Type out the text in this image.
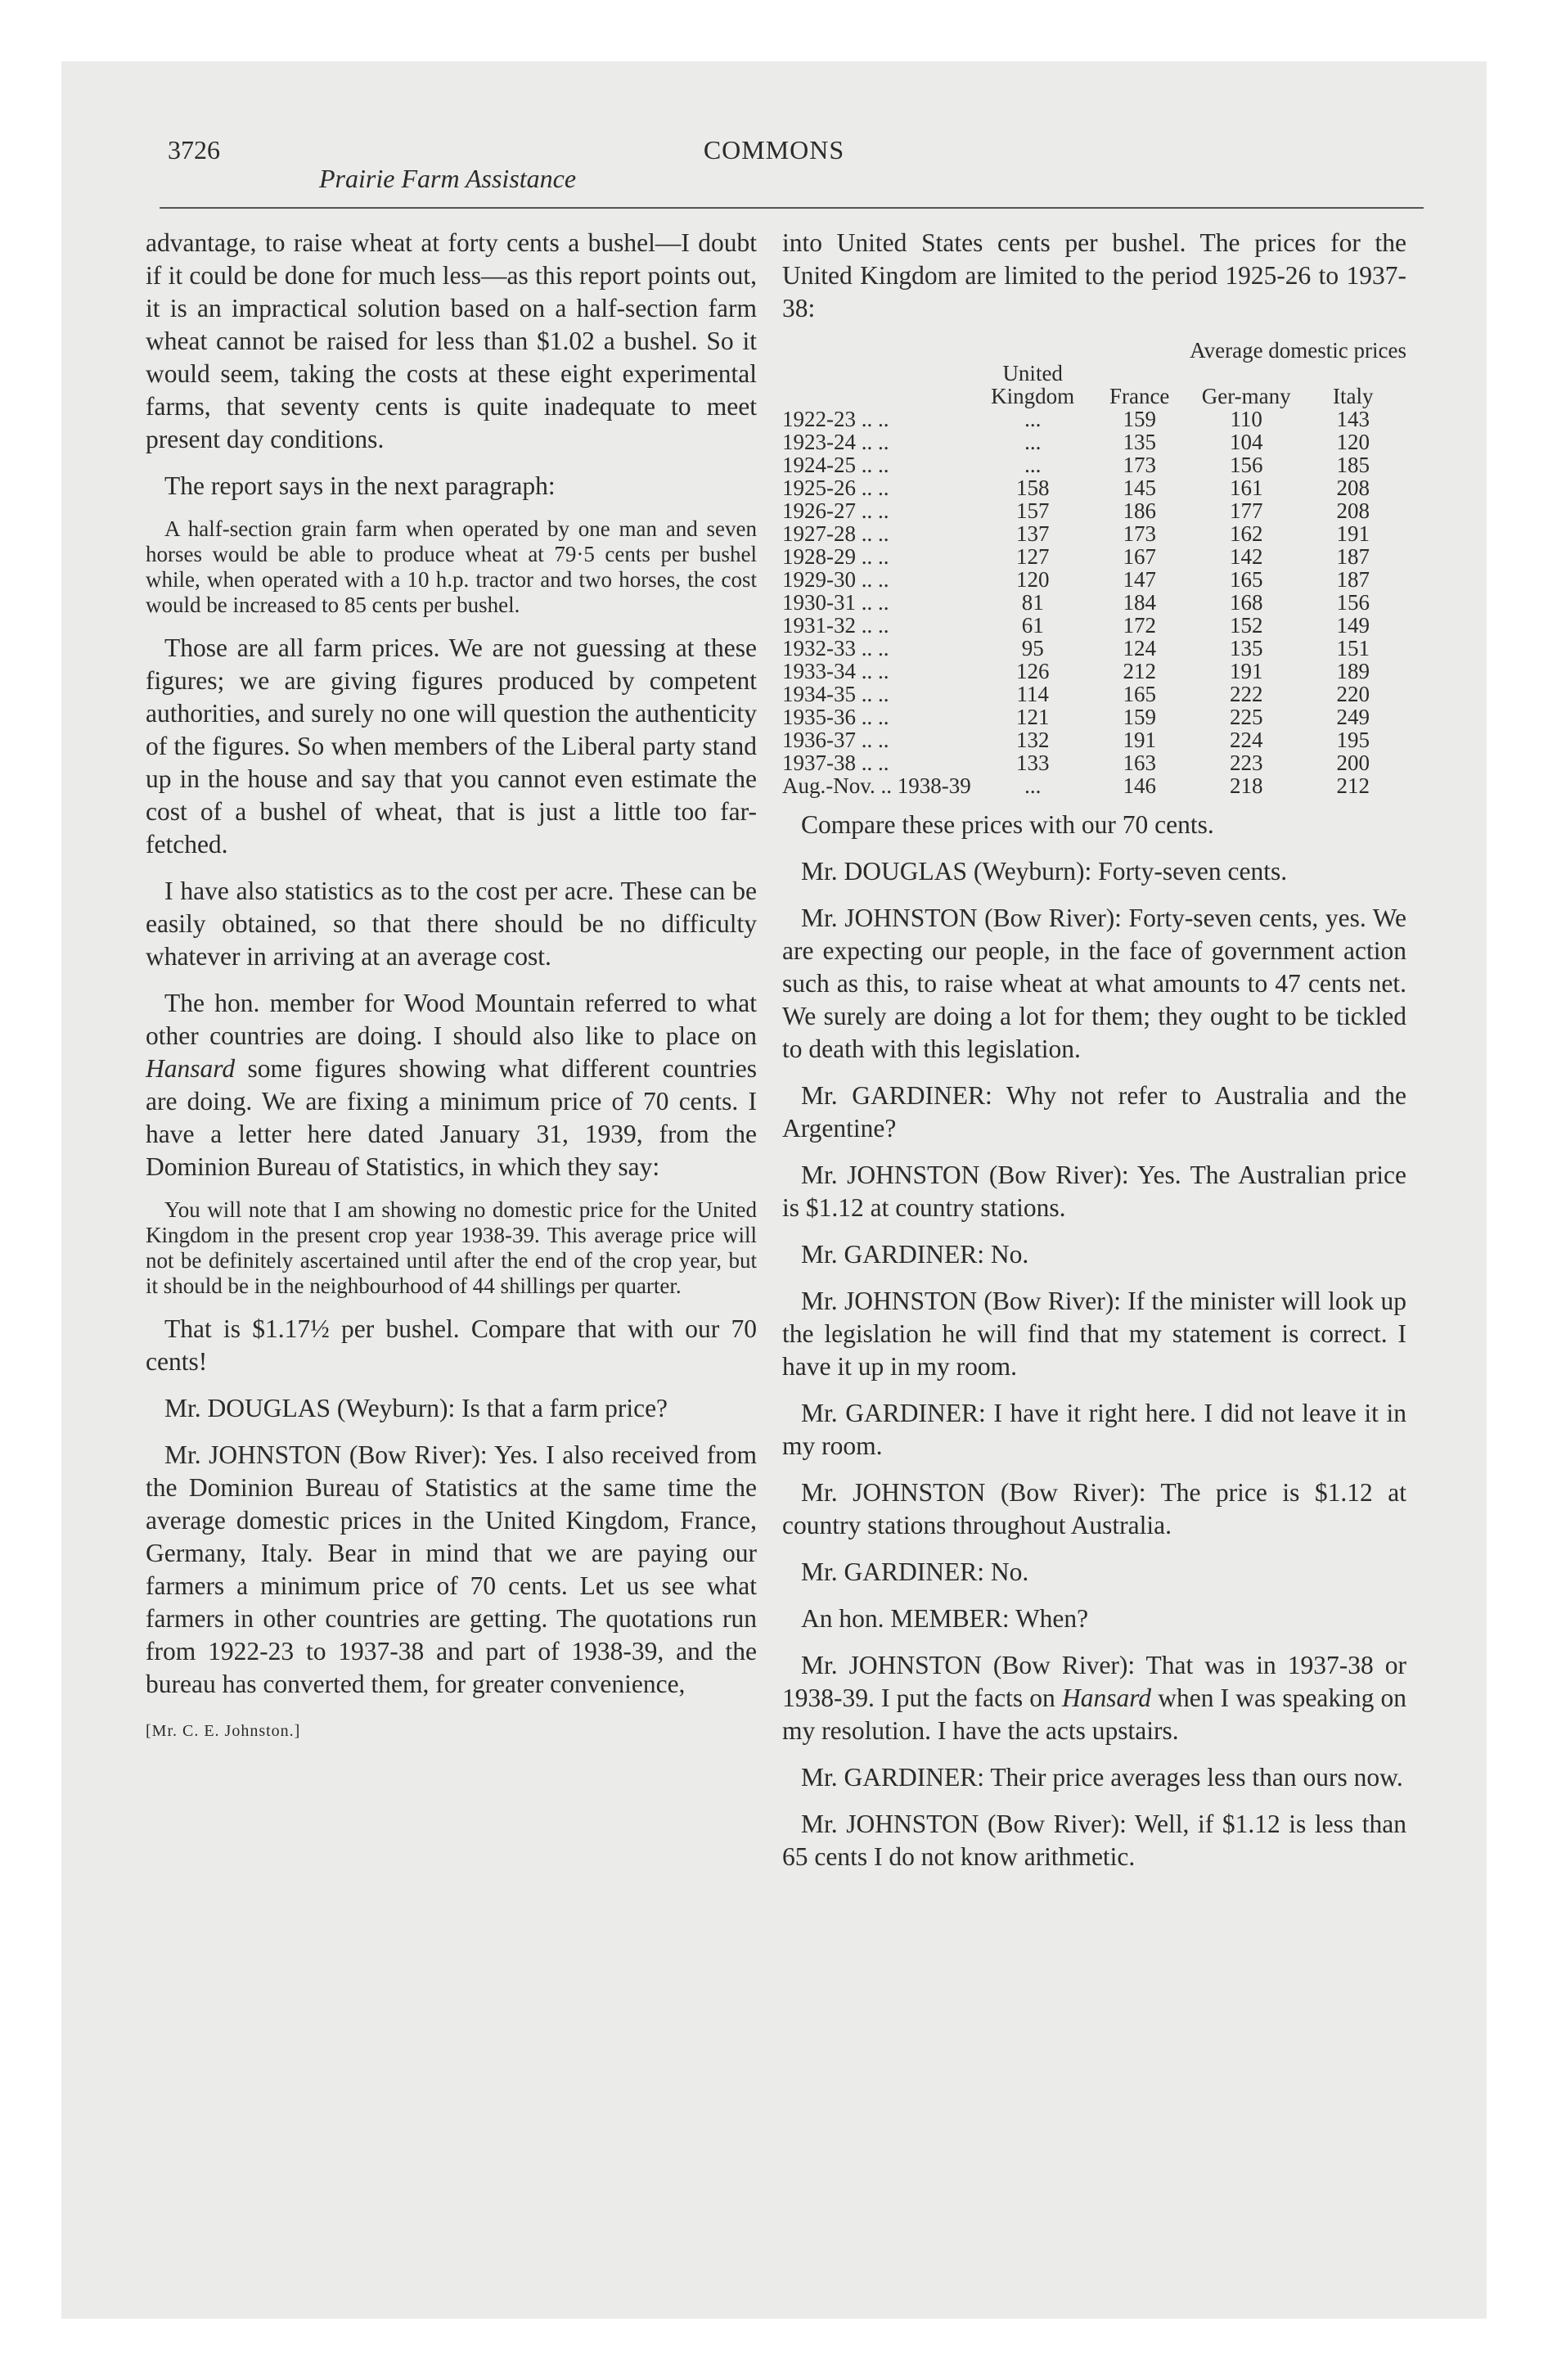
3726	COMMONS
Prairie Farm Assistance

advantage, to raise wheat at forty cents a bushel—I doubt if it could be done for much less—as this report points out, it is an impractical solution based on a half-section farm wheat cannot be raised for less than $1.02 a bushel. So it would seem, taking the costs at these eight experimental farms, that seventy cents is quite inadequate to meet present day conditions.

The report says in the next paragraph:

A half-section grain farm when operated by one man and seven horses would be able to produce wheat at 79·5 cents per bushel while, when operated with a 10 h.p. tractor and two horses, the cost would be increased to 85 cents per bushel.

Those are all farm prices. We are not guessing at these figures; we are giving figures produced by competent authorities, and surely no one will question the authenticity of the figures. So when members of the Liberal party stand up in the house and say that you cannot even estimate the cost of a bushel of wheat, that is just a little too far-fetched.

I have also statistics as to the cost per acre. These can be easily obtained, so that there should be no difficulty whatever in arriving at an average cost.

The hon. member for Wood Mountain referred to what other countries are doing. I should also like to place on Hansard some figures showing what different countries are doing. We are fixing a minimum price of 70 cents. I have a letter here dated January 31, 1939, from the Dominion Bureau of Statistics, in which they say:

You will note that I am showing no domestic price for the United Kingdom in the present crop year 1938-39. This average price will not be definitely ascertained until after the end of the crop year, but it should be in the neighbourhood of 44 shillings per quarter.

That is $1.17½ per bushel. Compare that with our 70 cents!

Mr. DOUGLAS (Weyburn): Is that a farm price?

Mr. JOHNSTON (Bow River): Yes. I also received from the Dominion Bureau of Statistics at the same time the average domestic prices in the United Kingdom, France, Germany, Italy. Bear in mind that we are paying our farmers a minimum price of 70 cents. Let us see what farmers in other countries are getting. The quotations run from 1922-23 to 1937-38 and part of 1938-39, and the bureau has converted them, for greater convenience,

[Mr. C. E. Johnston.]

into United States cents per bushel. The prices for the United Kingdom are limited to the period 1925-26 to 1937-38:

Average domestic prices				
	United Kingdom	France	Ger-many	Italy
1922-23 .. ..	...	159	110	143
1923-24 .. ..	...	135	104	120
1924-25 .. ..	...	173	156	185
1925-26 .. ..	158	145	161	208
1926-27 .. ..	157	186	177	208
1927-28 .. ..	137	173	162	191
1928-29 .. ..	127	167	142	187
1929-30 .. ..	120	147	165	187
1930-31 .. ..	81	184	168	156
1931-32 .. ..	61	172	152	149
1932-33 .. ..	95	124	135	151
1933-34 .. ..	126	212	191	189
1934-35 .. ..	114	165	222	220
1935-36 .. ..	121	159	225	249
1936-37 .. ..	132	191	224	195
1937-38 .. ..	133	163	223	200
Aug.-Nov. .. 1938-39	...	146	218	212

Compare these prices with our 70 cents.

Mr. DOUGLAS (Weyburn): Forty-seven cents.

Mr. JOHNSTON (Bow River): Forty-seven cents, yes. We are expecting our people, in the face of government action such as this, to raise wheat at what amounts to 47 cents net. We surely are doing a lot for them; they ought to be tickled to death with this legislation.

Mr. GARDINER: Why not refer to Australia and the Argentine?

Mr. JOHNSTON (Bow River): Yes. The Australian price is $1.12 at country stations.

Mr. GARDINER: No.

Mr. JOHNSTON (Bow River): If the minister will look up the legislation he will find that my statement is correct. I have it up in my room.

Mr. GARDINER: I have it right here. I did not leave it in my room.

Mr. JOHNSTON (Bow River): The price is $1.12 at country stations throughout Australia.

Mr. GARDINER: No.

An hon. MEMBER: When?

Mr. JOHNSTON (Bow River): That was in 1937-38 or 1938-39. I put the facts on Hansard when I was speaking on my resolution. I have the acts upstairs.

Mr. GARDINER: Their price averages less than ours now.

Mr. JOHNSTON (Bow River): Well, if $1.12 is less than 65 cents I do not know arithmetic.
